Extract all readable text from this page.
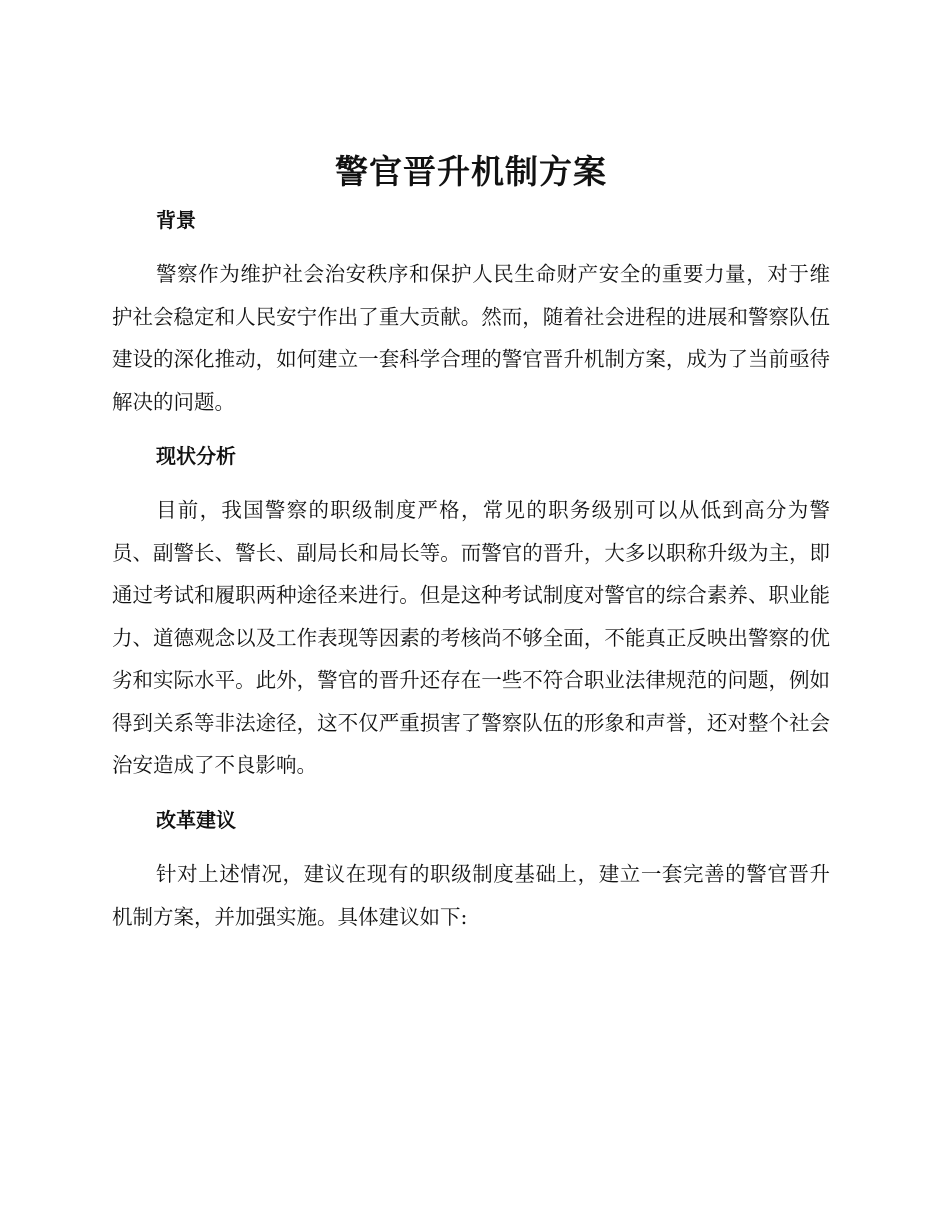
警官晋升机制方案
背景

警察作为维护社会治安秩序和保护人民生命财产安全的重要力量，对于维护社会稳定和人民安宁作出了重大贡献。然而，随着社会进程的进展和警察队伍建设的深化推动，如何建立一套科学合理的警官晋升机制方案，成为了当前亟待解决的问题。

现状分析

目前，我国警察的职级制度严格，常见的职务级别可以从低到高分为警员、副警长、警长、副局长和局长等。而警官的晋升，大多以职称升级为主，即通过考试和履职两种途径来进行。但是这种考试制度对警官的综合素养、职业能力、道德观念以及工作表现等因素的考核尚不够全面，不能真正反映出警察的优劣和实际水平。此外，警官的晋升还存在一些不符合职业法律规范的问题，例如得到关系等非法途径，这不仅严重损害了警察队伍的形象和声誉，还对整个社会治安造成了不良影响。

改革建议

针对上述情况，建议在现有的职级制度基础上，建立一套完善的警官晋升机制方案，并加强实施。具体建议如下:
